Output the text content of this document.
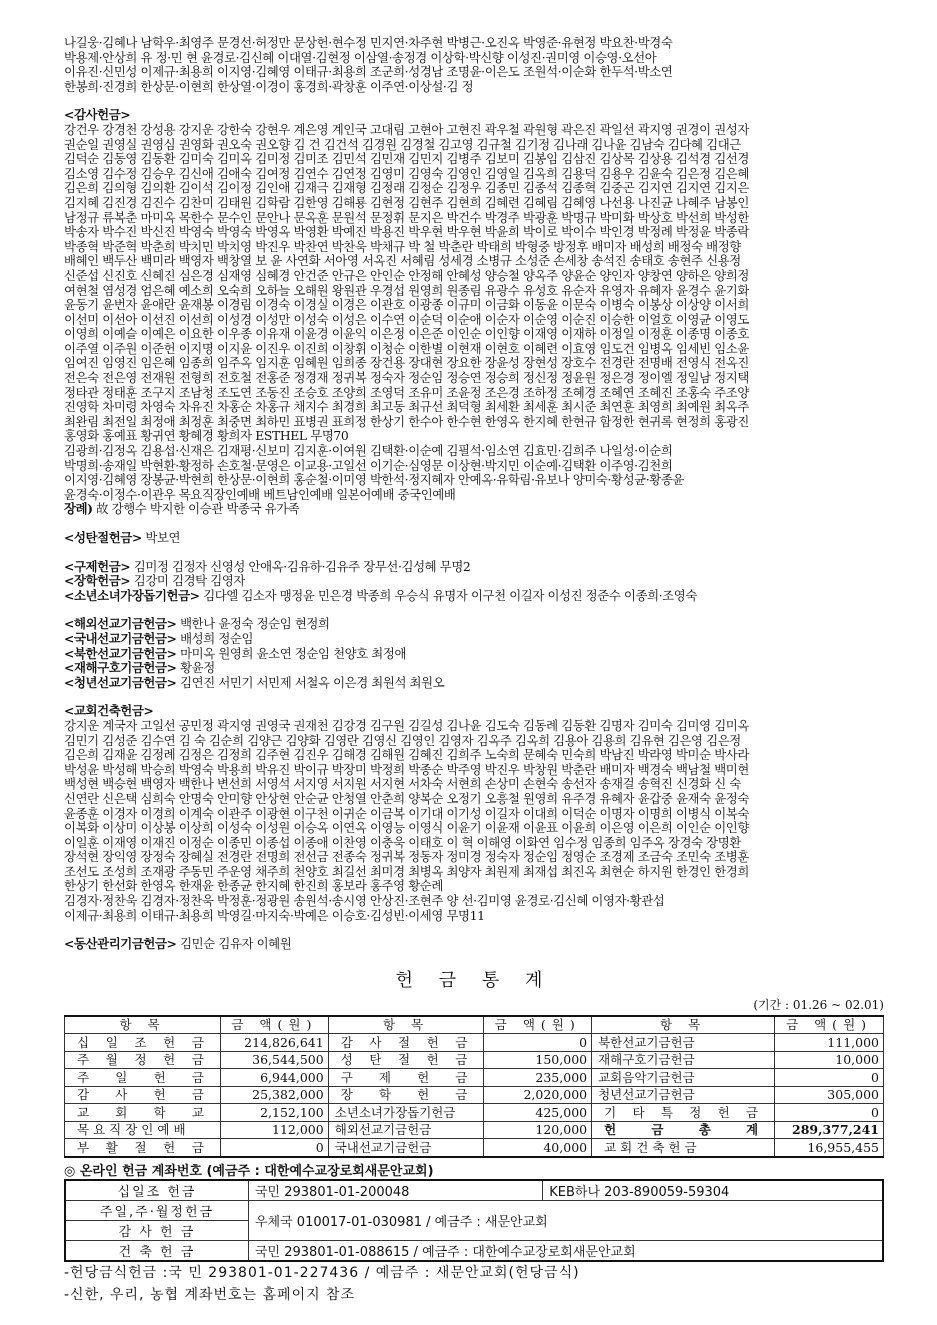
나길웅·김혜나 남학우·최영주 문경선·허정만 문상헌·현수정 민지연·차주현 박병근·오진옥 박영준·유현정 박요찬·박경숙

박용제·안상희 유 정·민 현 윤경로·김신혜 이대열·김현정 이삼열·송정경 이상학·박신향 이성진·권미영 이승영·오선아

이유진·신민성 이제규·최용희 이지영·김혜영 이태규·최용희 조군희·성경남 조명윤·이은도 조원석·이순화 한두석·박소연

한봉희·진경희 한상문·이현희 한상열·이경이 홍경희·곽창훈 이주연·이상설·김 정

<감사헌금>

강건우 강경천 강성용 강지운 강한숙 강현우 계은영 계인국 고대림 고현아 고현진 곽우철 곽원형 곽은진 곽일선 곽지영 권경이 권성자

권순일 권영실 권영심 권영화 권오숙 권오향 김 건 김건석 김경원 김경철 김고영 김규철 김기정 김나래 김나윤 김남숙 김다혜 김대근

김덕순 김동영 김동환 김미숙 김미옥 김미정 김미조 김민석 김민재 김민지 김병주 김보미 김봉임 김삼진 김상목 김상용 김석경 김선경

김소영 김수정 김승우 김신애 김애숙 김여정 김연수 김연정 김영미 김영숙 김영인 김영일 김옥희 김용덕 김용우 김윤숙 김은정 김은혜

김은희 김의형 김의환 김이석 김이정 김인애 김재극 김재형 김정래 김정순 김정우 김종민 김종석 김종혁 김중곤 김지연 김지연 김지은

김지혜 김진경 김진수 김찬미 김태원 김학람 김한영 김해룡 김현정 김현주 김현희 김혜련 김혜림 김혜영 나선용 나진균 나혜주 남봉인

남정규 류복춘 마미옥 목한수 문수인 문안나 문옥훈 문원석 문정휘 문지은 박건수 박경주 박광훈 박명규 박미화 박상호 박선희 박성한

박송자 박수진 박신진 박영숙 박영숙 박영옥 박영환 박예진 박용진 박우현 박우현 박윤희 박이로 박이수 박인경 박정례 박정윤 박종락

박종혁 박준혁 박춘희 박치민 박치영 박진우 박찬연 박찬욱 박채규 박 철 박춘란 박태희 박형중 방정후 배미자 배성희 배정숙 배정향

배혜인 백두산 백미라 백영자 백창열 보 윤 사연화 서아영 서옥진 서혜림 성세경 소병규 소성준 손세창 송석진 송태호 송현주 신용정

신준섭 신진호 신혜진 심은경 심재영 심혜경 안건준 안규은 안인순 안정해 안혜성 양승철 양옥주 양윤순 양인자 양창연 양하은 양희정

여현철 염성경 엄은혜 예소희 오숙희 오하늘 오해원 왕원관 우경섭 원영희 원종림 유광수 유성호 유순자 유영자 유혜자 윤경수 윤기화

윤동기 윤번자 윤애란 윤재봉 이경림 이경숙 이경실 이경은 이관호 이광종 이규미 이금화 이동윤 이문숙 이병숙 이봉상 이상양 이서희

이선미 이선아 이선진 이선희 이성경 이성만 이성숙 이성은 이수연 이순덕 이순애 이순자 이순영 이순진 이승한 이얼호 이영균 이영도

이영희 이예슬 이예은 이요한 이우종 이유재 이윤경 이윤익 이은정 이은준 이인순 이인향 이재영 이재하 이정일 이정훈 이종명 이종호

이주열 이주원 이준헌 이지명 이지윤 이진우 이진희 이창휘 이청순 이한별 이현재 이현호 이혜련 이효영 임도건 임병옥 임세빈 임소윤

임여진 임영진 임은혜 임종희 임주옥 임지훈 임혜원 임희종 장건용 장대현 장요한 장윤성 장현성 장호수 전경란 전명배 전영식 전옥진

전은숙 전은영 전재원 전형희 전호철 전홍준 정경재 정귀복 정숙자 정순임 정승연 정승희 정신정 정윤원 정은경 정이엘 정일남 정지택

정타관 정태훈 조구지 조남청 조도연 조동진 조승호 조양희 조영덕 조유미 조윤정 조은경 조하정 조혜경 조혜연 조혜진 조홍숙 주조양

진영학 차미령 차영숙 차유진 차홍순 차홍규 채지수 최경희 최고동 최규선 최덕형 최세환 최세훈 최시준 최연훈 최영희 최예원 최옥주

최완림 최전일 최정애 최정훈 최중면 최하민 표병권 표희정 한상기 한수아 한수현 한영옥 한지혜 한현규 함정한 현귀록 현정희 홍광진

홍영화 홍예표 황귀연 황혜경 황희자 ESTHEL 무명70

김광희·김정옥 김용섭·신재은 김재평·신보미 김지훈·이여원 김택환·이순예 김필석·임소연 김효민·김희주 나일성·이순희

박명희·송재일 박현환·황정하 손호철·문영은 이교용·고일선 이기순·심영문 이상현·박지민 이순예·김택환 이주영·김천희

이지영·김혜영 장봉균·박현희 한상문·이현희 홍순철·이미영 박한석·정지혜자 안예옥·유학림·유보나 양미숙·황성균·황종윤

윤경숙·이정수·이관우 목요직장인예배 베트남인예배 일본어예배 중국인예배

장례) 故 강행수 박지한 이승관 박종국 유가족

<성탄절헌금> 박보연

<구제헌금> 김미정 김정자 신영성 안애옥·김유하·김유주 장무선·김성혜 무명2

<장학헌금> 김강미 김경탁 김영자

<소년소녀가장돕기헌금> 김다엘 김소자 맹정윤 민은경 박종희 우승식 유명자 이구천 이길자 이성진 정준수 이종희·조영숙

<해외선교기금헌금> 백한나 윤정숙 정순임 현정희

<국내선교기금헌금> 배성희 정순임

<북한선교기금헌금> 마미옥 원영희 윤소연 정순임 천양호 최정애

<재해구호기금헌금> 황윤정

<청년선교기금헌금> 김연진 서민기 서민제 서철옥 이은경 최원석 최원오

<교회건축헌금>

강지운 계국자 고일선 공민정 곽지영 권영국 권재천 김강경 김구원 김길성 김나윤 김도숙 김동례 김동환 김명자 김미숙 김미영 김미옥

김민기 김성준 김수연 김 숙 김순희 김양근 김양화 김영란 김영신 김영인 김영자 김옥주 김옥희 김용아 김용희 김유현 김은영 김은정

김은희 김재윤 김정례 김정은 김정희 김주현 김진우 김해경 김해원 김혜진 김희주 노숙희 문혜숙 민숙희 박남진 박라영 박미순 박사라

박성윤 박성해 박승희 박영숙 박용희 박유진 박이규 박장미 박정희 박종순 박주영 박진우 박창원 박춘란 배미자 백경숙 백남철 백미현

백성현 백승현 백영자 백한나 변선희 서영석 서지영 서지원 서지현 서차숙 서현희 손상미 손현숙 송선자 송재걸 송혁진 신경화 신 숙

신연란 신은택 심희숙 안명숙 안미향 안상현 안순균 안청열 안춘희 양복순 오정기 오흥철 원영희 유주경 유혜자 윤갑중 윤재숙 윤정숙

윤종훈 이경자 이경희 이계숙 이관주 이광현 이구천 이귀순 이금복 이기대 이기성 이길자 이대희 이덕순 이명자 이명희 이병식 이복숙

이복화 이상미 이상봉 이상희 이성숙 이성원 이승옥 이연옥 이영능 이영식 이윤기 이윤재 이윤표 이윤희 이은영 이은희 이인순 이인향

이일훈 이재영 이재진 이정순 이종민 이종섭 이종애 이찬영 이충욱 이태호 이 혁 이해영 이화연 임수정 임종희 임주옥 장경숙 장명환

장석현 장익영 장정숙 장혜실 전경란 전명희 전선금 전종숙 정귀복 정동자 정미경 정숙자 정순임 정영순 조경제 조금숙 조민숙 조병훈

조선도 조성희 조재광 주동민 주운영 채주희 천양호 최길선 최미경 최병옥 최양자 최원제 최재섭 최진옥 최현순 하지원 한경인 한경희

한상기 한선화 한영옥 한재윤 한종균 한지혜 한진희 홍보라 홍주영 황순례

김경자·정찬욱 김경자·정찬욱 박정훈·정광원 송원석·송시영 안상진·조현주 양 선·김미영 윤경로·김신혜 이영자·황관섭

이제규·최용희 이태규·최용희 박영길·마지숙·박예은 이승호·김성빈·이세영 무명11

<동산관리기금헌금> 김민순 김유자 이혜원

헌 금 통 계
(기간 : 01.26 ~ 02.01)
항 목	금 액(원)	항 목	금 액(원)	항 목	금 액(원)
십 일 조 헌 금	214,826,641	감 사 절 헌 금	0	북한선교기금헌금	111,000
주 월 정 헌 금	36,544,500	성 탄 절 헌 금	150,000	재해구호기금헌금	10,000
주 일 헌 금	6,944,000	구 제 헌 금	235,000	교회음악기금헌금	0
감 사 헌 금	25,382,000	장 학 헌 금	2,020,000	청년선교기금헌금	305,000
교 회 학 교	2,152,100	소년소녀가장돕기헌금	425,000	기 타 특 정 헌 금	0
목요직장인예배	112,000	해외선교기금헌금	120,000	헌 금 총 계	289,377,241
부 활 절 헌 금	0	국내선교기금헌금	40,000	교회건축헌금	16,955,455
◎ 온라인 헌금 계좌번호 (예금주 : 대한예수교장로회새문안교회)
십일조 헌금	국민 293801-01-200048	KEB하나 203-890059-59304
주일,주·월정헌금	우체국 010017-01-030981 / 예금주 : 새문안교회	
감 사 헌 금		
건 축 헌 금	국민 293801-01-088615 / 예금주 : 대한예수교장로회새문안교회	

-헌당금식헌금 :국 민 293801-01-227436 / 예금주 : 새문안교회(헌당금식)

-신한, 우리, 농협 계좌번호는 홈페이지 참조
